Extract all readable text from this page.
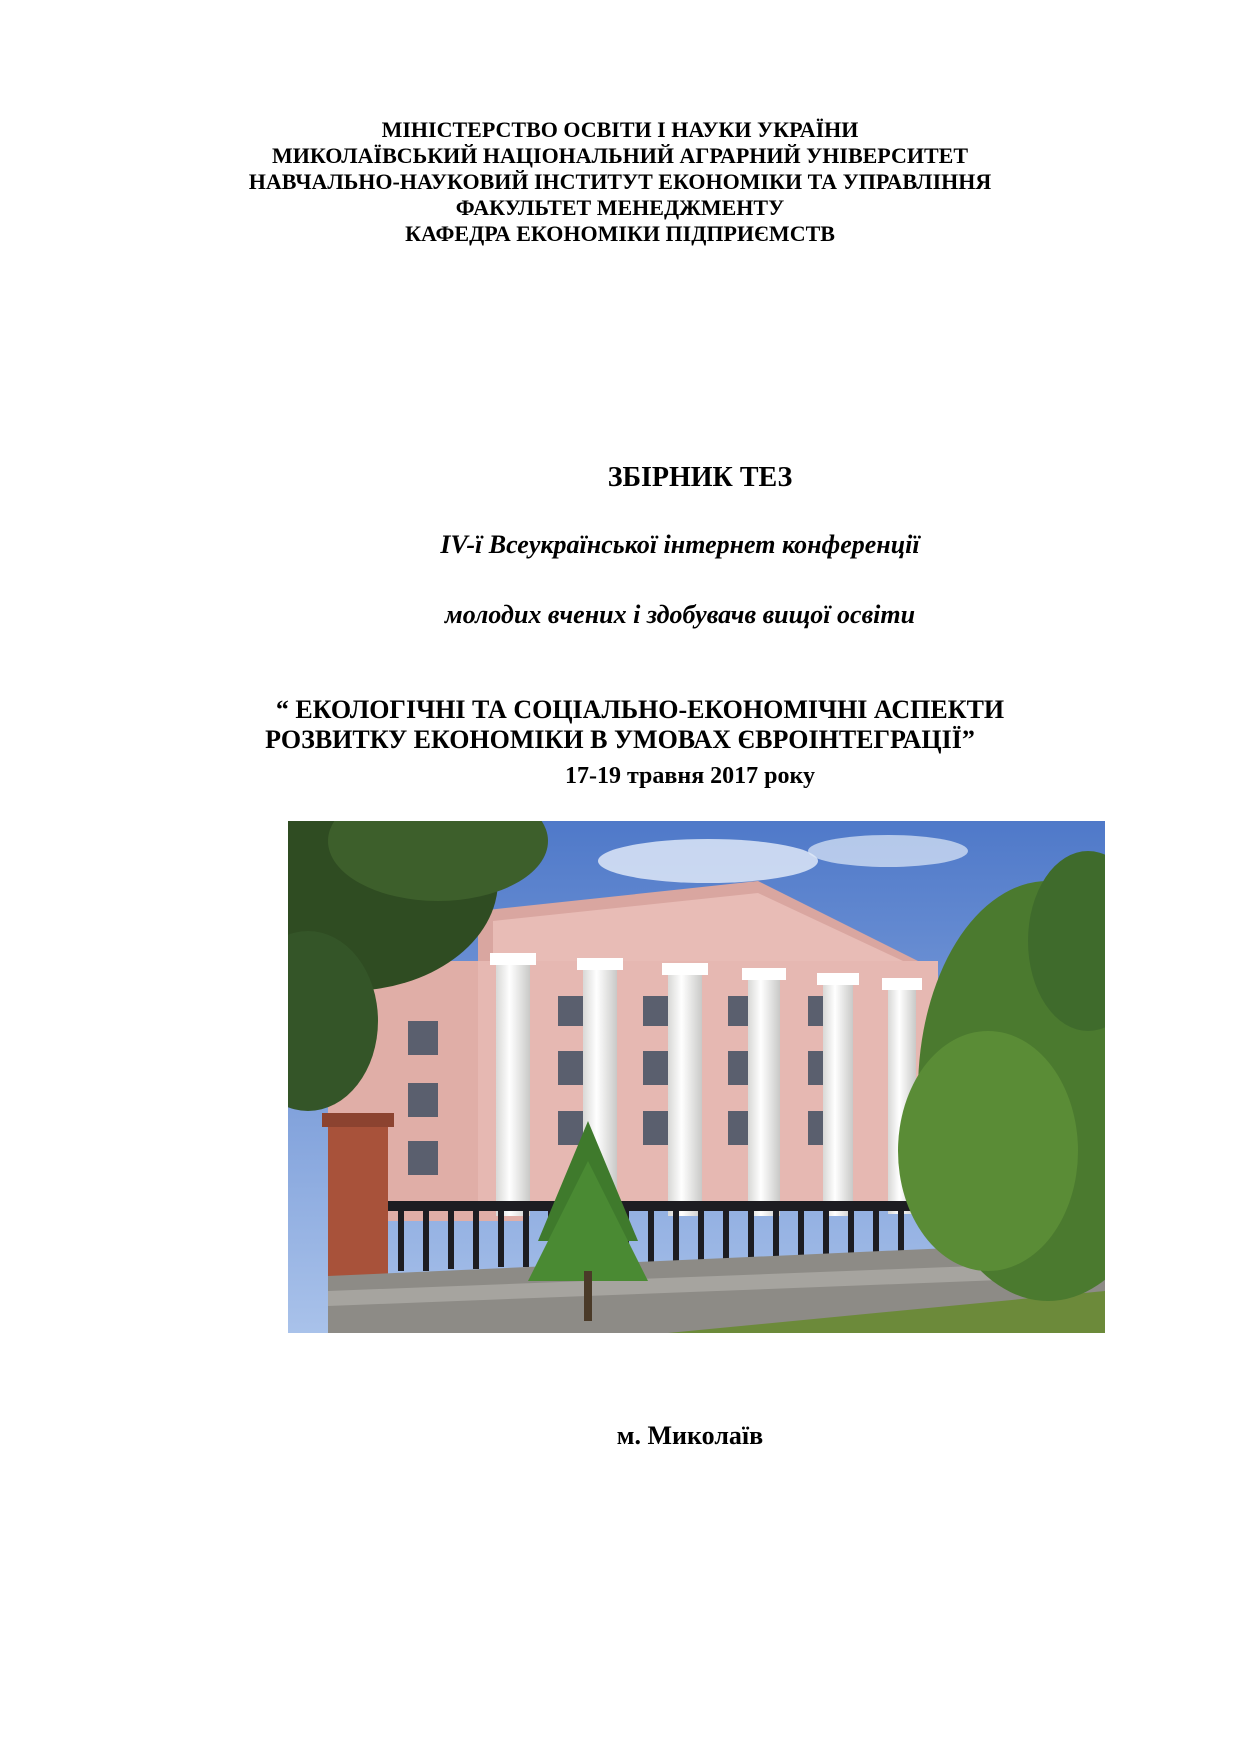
МІНІСТЕРСТВО ОСВІТИ І НАУКИ УКРАЇНИ
МИКОЛАЇВСЬКИЙ НАЦІОНАЛЬНИЙ АГРАРНИЙ УНІВЕРСИТЕТ
НАВЧАЛЬНО-НАУКОВИЙ ІНСТИТУТ ЕКОНОМІКИ ТА УПРАВЛІННЯ
ФАКУЛЬТЕТ МЕНЕДЖМЕНТУ
КАФЕДРА ЕКОНОМІКИ ПІДПРИЄМСТВ
ЗБІРНИК ТЕЗ
IV-ї Всеукраїнської інтернет конференції
молодих вчених і здобувачв вищої освіти
“ ЕКОЛОГІЧНІ ТА СОЦІАЛЬНО-ЕКОНОМІЧНІ АСПЕКТИ
РОЗВИТКУ ЕКОНОМІКИ В УМОВАХ ЄВРОІНТЕГРАЦІЇ”
17-19 травня 2017 року
м. Миколаїв
